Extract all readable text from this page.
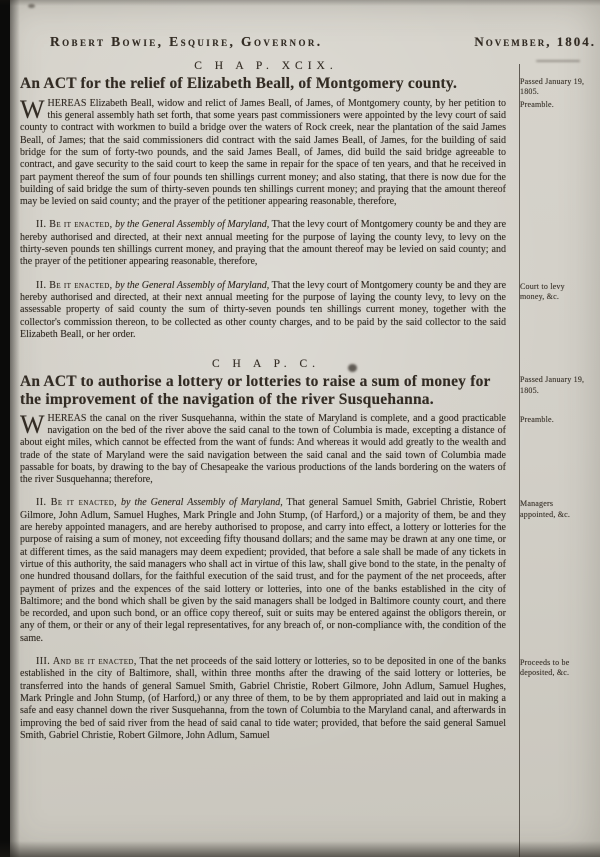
Robert Bowie, Esquire, Governor.	November, 1804.
C H A P. XCIX.
An ACT for the relief of Elizabeth Beall, of Montgomery county.	Passed January 19, 1805.

WHEREAS Elizabeth Beall, widow and relict of James Beall, of James, of Montgomery county, by her petition to this general assembly hath set forth, that some years past commissioners were appointed by the levy court of said county to contract with workmen to build a bridge over the waters of Rock creek, near the plantation of the said James Beall, of James; that the said commissioners did contract with the said James Beall, of James, for the building of said bridge for the sum of forty-two pounds, and the said James Beall, of James, did build the said bridge agreeable to contract, and gave security to the said court to keep the same in repair for the space of ten years, and that he received in part payment thereof the sum of four pounds ten shillings current money; and also stating, that there is now due for the building of said bridge the sum of thirty-seven pounds ten shillings current money; and praying that the amount thereof may be levied on said county; and the prayer of the petitioner appearing reasonable, therefore,

Preamble.

II. Be it enacted, by the General Assembly of Maryland, That the levy court of Montgomery county be and they are hereby authorised and directed, at their next annual meeting for the purpose of laying the county levy, to levy on the thirty-seven pounds ten shillings current money, and praying that the amount thereof may be levied on said county; and the prayer of the petitioner appearing reasonable, therefore,

II. Be it enacted, by the General Assembly of Maryland, That the levy court of Montgomery county be and they are hereby authorised and directed, at their next annual meeting for the purpose of laying the county levy, to levy on the assessable property of said county the sum of thirty-seven pounds ten shillings current money, together with the collector's commission thereon, to be collected as other county charges, and to be paid by the said collector to the said Elizabeth Beall, or her order.

Court to levy money, &c.
C H A P. C.
An ACT to authorise a lottery or lotteries to raise a sum of money for the improvement of the navigation of the river Susquehanna.
Passed January 19, 1805.

WHEREAS the canal on the river Susquehanna, within the state of Maryland is complete, and a good practicable navigation on the bed of the river above the said canal to the town of Columbia is made, excepting a distance of about eight miles, which cannot be effected from the want of funds: And whereas it would add greatly to the wealth and trade of the state of Maryland were the said navigation between the said canal and the said town of Columbia made passable for boats, by drawing to the bay of Chesapeake the various productions of the lands bordering on the waters of the river Susquehanna; therefore,

Preamble.

II. Be it enacted, by the General Assembly of Maryland, That general Samuel Smith, Gabriel Christie, Robert Gilmore, John Adlum, Samuel Hughes, Mark Pringle and John Stump, (of Harford,) or a majority of them, be and they are hereby appointed managers, and are hereby authorised to propose, and carry into effect, a lottery or lotteries for the purpose of raising a sum of money, not exceeding fifty thousand dollars; and the same may be drawn at any one time, or at different times, as the said managers may deem expedient; provided, that before a sale shall be made of any tickets in virtue of this authority, the said managers who shall act in virtue of this law, shall give bond to the state, in the penalty of one hundred thousand dollars, for the faithful execution of the said trust, and for the payment of the net proceeds, after payment of prizes and the expences of the said lottery or lotteries, into one of the banks established in the city of Baltimore; and the bond which shall be given by the said managers shall be lodged in Baltimore county court, and there be recorded, and upon such bond, or an office copy thereof, suit or suits may be entered against the obligors therein, or any of them, or their or any of their legal representatives, for any breach of, or non-compliance with, the condition of the same.

Managers appointed, &c.

III. And be it enacted, That the net proceeds of the said lottery or lotteries, so to be deposited in one of the banks established in the city of Baltimore, shall, within three months after the drawing of the said lottery or lotteries, be transferred into the hands of general Samuel Smith, Gabriel Christie, Robert Gilmore, John Adlum, Samuel Hughes, Mark Pringle and John Stump, (of Harford,) or any three of them, to be by them appropriated and laid out in making a safe and easy channel down the river Susquehanna, from the town of Columbia to the Maryland canal, and afterwards in improving the bed of said river from the head of said canal to tide water; provided, that before the said general Samuel Smith, Gabriel Christie, Robert Gilmore, John Adlum, Samuel

Proceeds to be deposited, &c.
